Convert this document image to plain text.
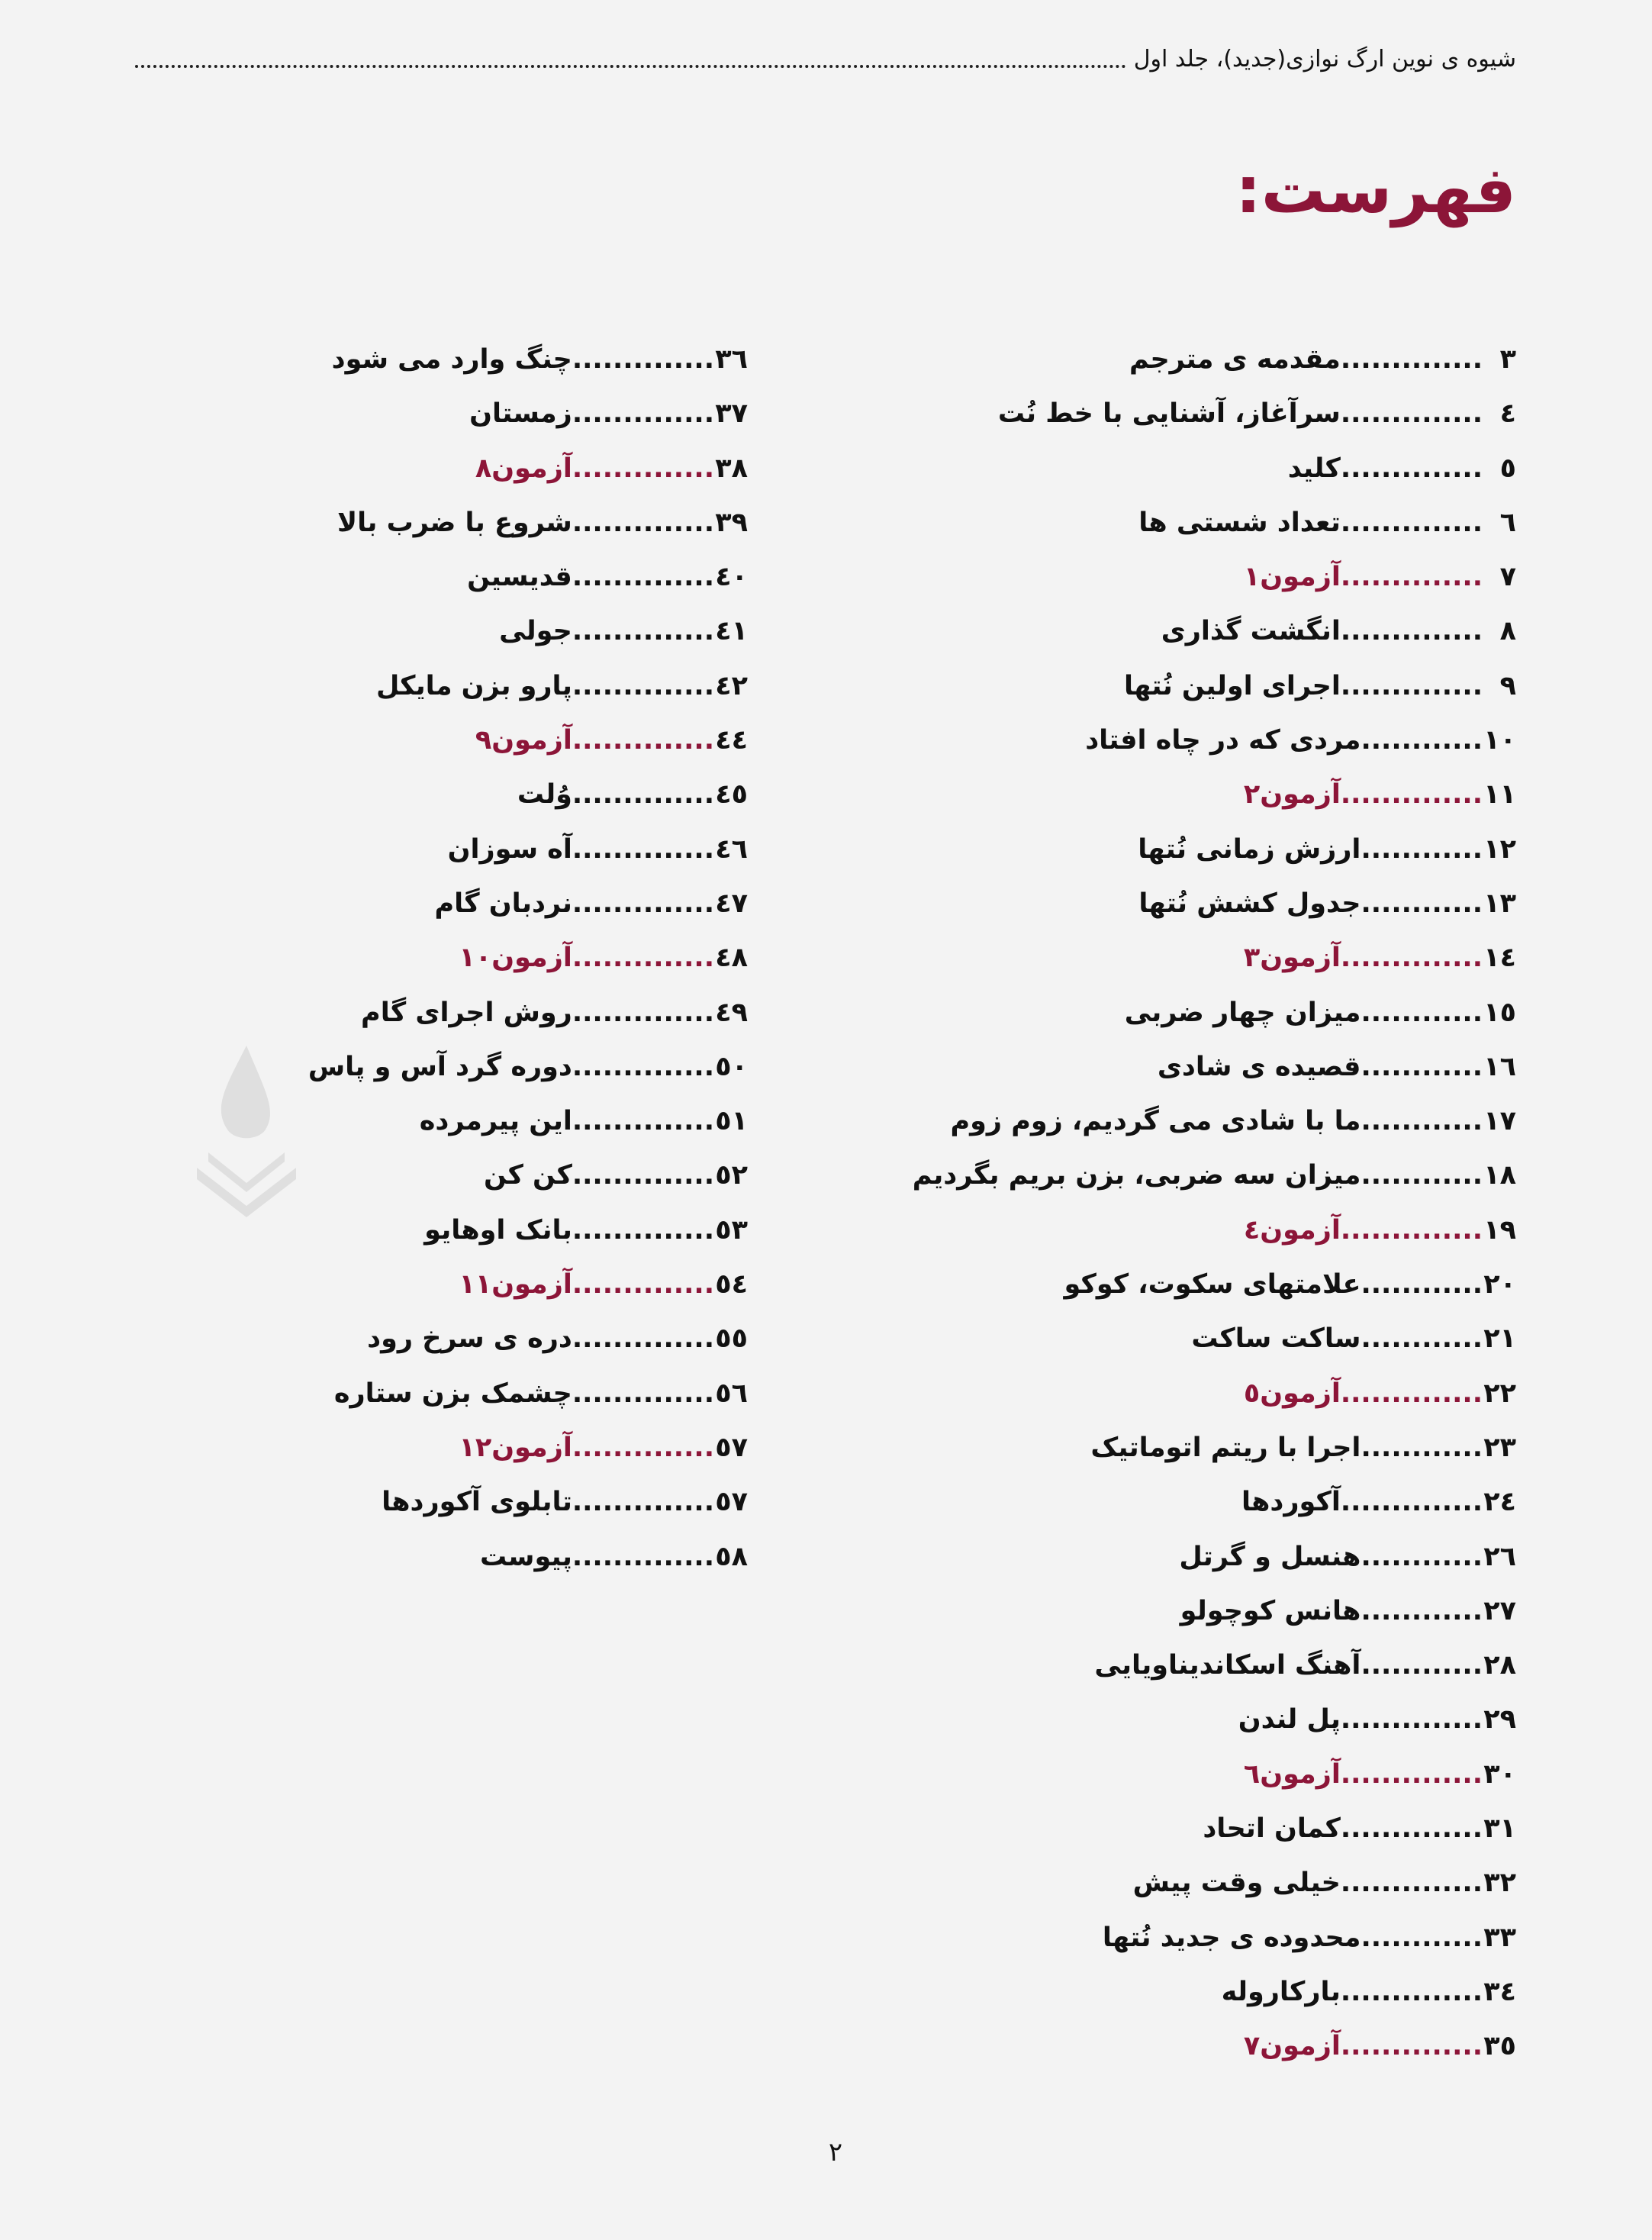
شیوه ی نوین ارگ نوازی(جدید)، جلد اول
فهرست:
۳
..............
مقدمه ی مترجم
٤
..............
سرآغاز، آشنایی با خط نُت
٥
..............
کلید
٦
..............
تعداد شستی ها
۷
..............
آزمون۱
۸
..............
انگشت گذاری
۹
..............
اجرای اولین نُتها
۱۰
............
مردی که در چاه افتاد
۱۱
..............
آزمون۲
۱۲
............
ارزش زمانی نُتها
۱۳
............
جدول کشش نُتها
۱٤
..............
آزمون۳
۱٥
............
میزان چهار ضربی
۱٦
............
قصیده ی شادی
۱۷
............
ما با شادی می گردیم، زوم زوم
۱۸
............
میزان سه ضربی، بزن بریم بگردیم
۱۹
..............
آزمون٤
۲۰
............
علامتهای سکوت، کوکو
۲۱
............
ساکت ساکت
۲۲
..............
آزمون٥
۲۳
............
اجرا با ریتم اتوماتیک
۲٤
..............
آکوردها
۲٦
............
هنسل و گرتل
۲۷
............
هانس کوچولو
۲۸
............
آهنگ اسکاندیناویایی
۲۹
..............
پل لندن
۳۰
..............
آزمون٦
۳۱
..............
کمان اتحاد
۳۲
..............
خیلی وقت پیش
۳۳
............
محدوده ی جدید نُتها
۳٤
..............
بارکاروله
۳٥
..............
آزمون۷
۳٦
..............
چنگ وارد می شود
۳۷
..............
زمستان
۳۸
..............
آزمون۸
۳۹
..............
شروع با ضرب بالا
٤۰
..............
قدیسین
٤۱
..............
جولی
٤۲
..............
پارو بزن مایکل
٤٤
..............
آزمون۹
٤٥
..............
وُلت
٤٦
..............
آه سوزان
٤۷
..............
نردبان گام
٤۸
..............
آزمون۱۰
٤۹
..............
روش اجرای گام
٥۰
..............
دوره گرد آس و پاس
٥۱
..............
این پیرمرده
٥۲
..............
کن کن
٥۳
..............
بانک اوهایو
٥٤
..............
آزمون۱۱
٥٥
..............
دره ی سرخ رود
٥٦
..............
چشمک بزن ستاره
٥۷
..............
آزمون۱۲
٥۷
..............
تابلوی آکوردها
٥۸
..............
پیوست
۲
